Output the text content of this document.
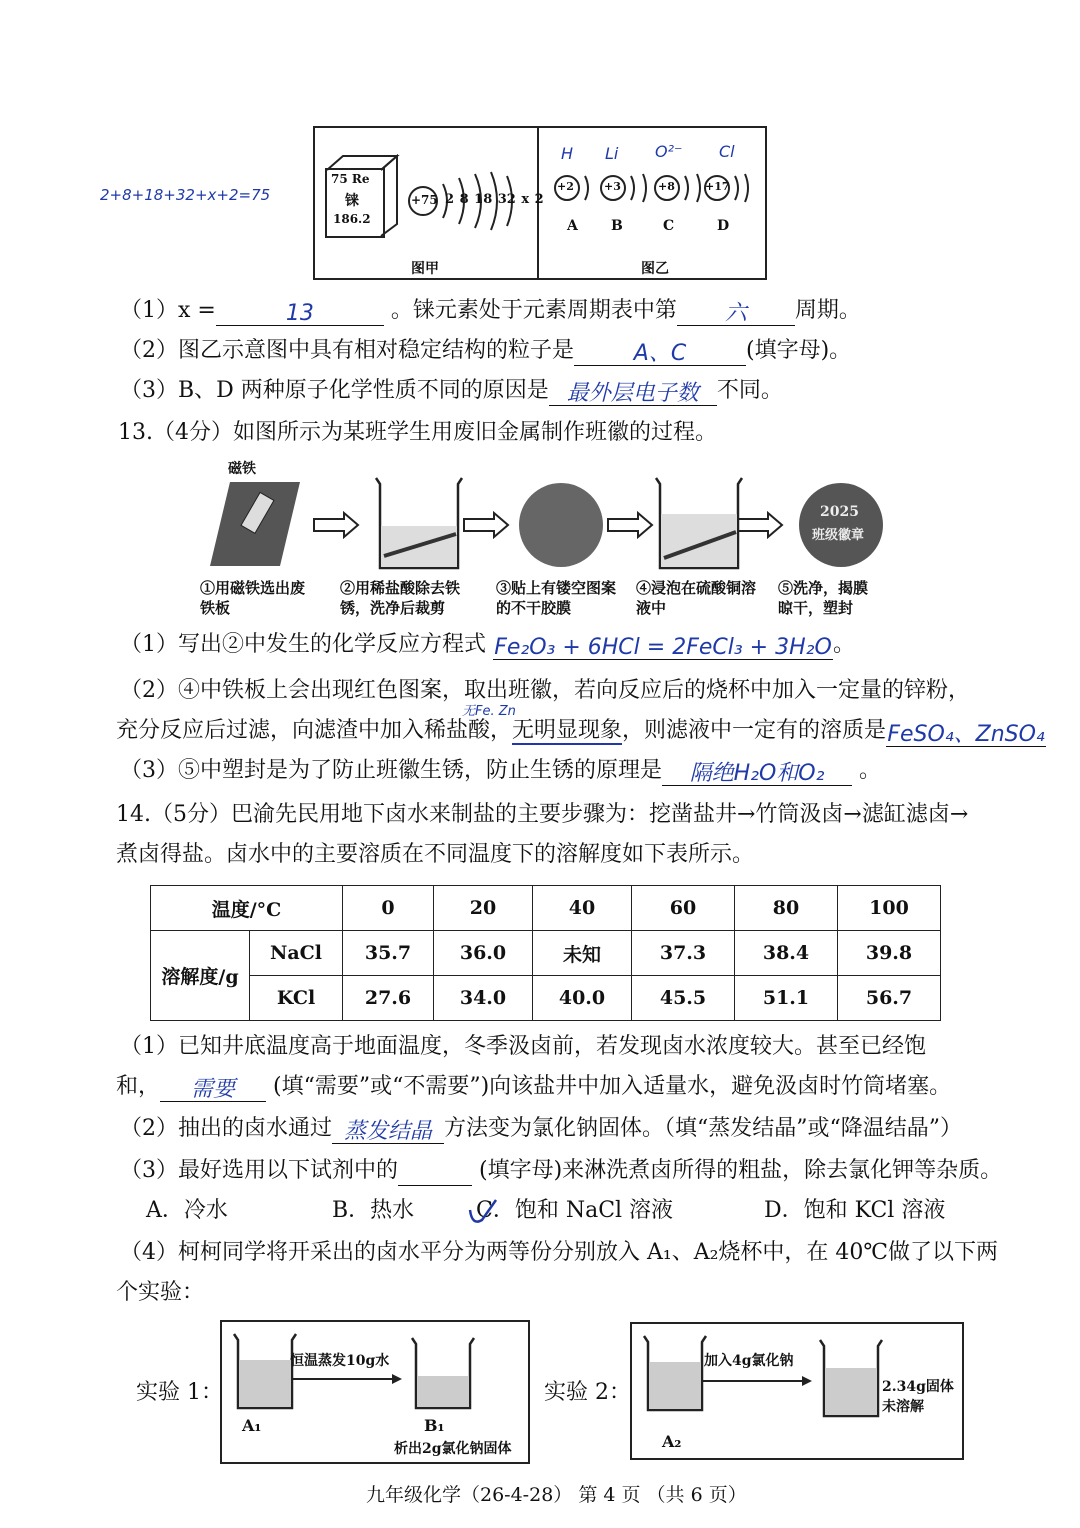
2+8+18+32+x+2=75
75 Re
铼
186.2
+75 2 8 18 32 x 2
图甲
H Li O²⁻ Cl
+2	+3	+8	+17
A B	C	D
图乙
（1）x =	13	。铼元素处于元素周期表中第 六 周期。
（2）图乙示意图中具有相对稳定结构的粒子是	A、C	(填字母)。
（3）B、D 两种原子化学性质不同的原因是 最外层电子数 不同。
13.（4分）如图所示为某班学生用废旧金属制作班徽的过程。
磁铁
2025
班级徽章
①用磁铁选出废铁板
②用稀盐酸除去铁锈，洗净后裁剪
③贴上有镂空图案的不干胶膜
④浸泡在硫酸铜溶液中
⑤洗净，揭膜晾干，塑封
（1）写出②中发生的化学反应方程式 Fe₂O₃ + 6HCl = 2FeCl₃ + 3H₂O。
（2）④中铁板上会出现红色图案，取出班徽，若向反应后的烧杯中加入一定量的锌粉，
无Fe. Zn
充分反应后过滤，向滤渣中加入稀盐酸，无明显现象，则滤液中一定有的溶质是FeSO₄、ZnSO₄
（3）⑤中塑封是为了防止班徽生锈，防止生锈的原理是 隔绝H₂O和O₂ 。
14.（5分）巴渝先民用地下卤水来制盐的主要步骤为：挖凿盐井→竹筒汲卤→滤缸滤卤→
煮卤得盐。卤水中的主要溶质在不同温度下的溶解度如下表所示。
温度/°C		0	20	40	60	80	100
溶解度/g	NaCl	35.7	36.0	未知	37.3	38.4	39.8
	KCl	27.6	34.0	40.0	45.5	51.1	56.7
（1）已知井底温度高于地面温度，冬季汲卤前，若发现卤水浓度较大。甚至已经饱
和， 需要 (填“需要”或“不需要”)向该盐井中加入适量水，避免汲卤时竹筒堵塞。
（2）抽出的卤水通过 蒸发结晶 方法变为氯化钠固体。（填“蒸发结晶”或“降温结晶”）
（3）最好选用以下试剂中的	(填字母)来淋洗煮卤所得的粗盐，除去氯化钾等杂质。
A．冷水	B．热水	C．饱和 NaCl 溶液	D．饱和 KCl 溶液
（4）柯柯同学将开采出的卤水平分为两等份分别放入 A₁、A₂烧杯中，在 40℃做了以下两
个实验：
实验 1：
恒温蒸发10g水
A₁	B₁
析出2g氯化钠固体
实验 2：
加入4g氯化钠
A₂
2.34g固体
未溶解
九年级化学（26-4-28） 第 4 页 （共 6 页）
